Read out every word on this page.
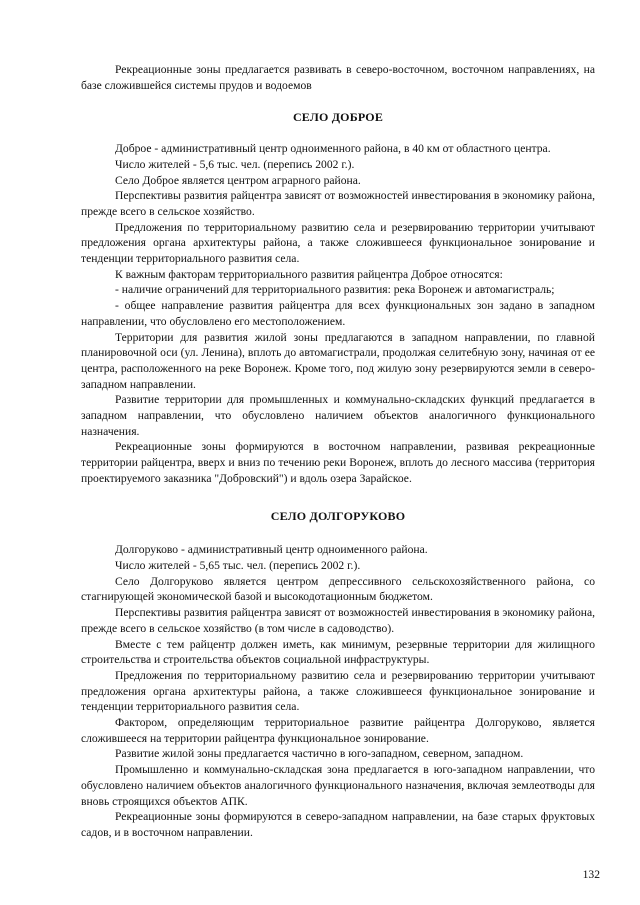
Рекреационные зоны предлагается развивать в северо-восточном, восточном направлениях, на базе сложившейся системы прудов и водоемов

СЕЛО ДОБРОЕ

Доброе - административный центр одноименного района, в 40 км от областного центра.

Число жителей - 5,6 тыс. чел. (перепись 2002 г.).

Село Доброе является центром аграрного района.

Перспективы развития райцентра зависят от возможностей инвестирования в экономику района, прежде всего в сельское хозяйство.

Предложения по территориальному развитию села и резервированию территории учитывают предложения органа архитектуры района, а также сложившееся функциональное зонирование и тенденции территориального развития села.

К важным факторам территориального развития райцентра Доброе относятся:

- наличие ограничений для территориального развития: река Воронеж и автомагистраль;

- общее направление развития райцентра для всех функциональных зон задано в западном направлении, что обусловлено его местоположением.

Территории для развития жилой зоны предлагаются в западном направлении, по главной планировочной оси (ул. Ленина), вплоть до автомагистрали, продолжая селитебную зону, начиная от ее центра, расположенного на реке Воронеж. Кроме того, под жилую зону резервируются земли в северо-западном направлении.

Развитие территории для промышленных и коммунально-складских функций предлагается в западном направлении, что обусловлено наличием объектов аналогичного функционального назначения.

Рекреационные зоны формируются в восточном направлении, развивая рекреационные территории райцентра, вверх и вниз по течению реки Воронеж, вплоть до лесного массива (территория проектируемого заказника "Добровский") и вдоль озера Зарайское.

СЕЛО ДОЛГОРУКОВО

Долгоруково - административный центр одноименного района.

Число жителей - 5,65 тыс. чел. (перепись 2002 г.).

Село Долгоруково является центром депрессивного сельскохозяйственного района, со стагнирующей экономической базой и высокодотационным бюджетом.

Перспективы развития райцентра зависят от возможностей инвестирования в экономику района, прежде всего в сельское хозяйство (в том числе в садоводство).

Вместе с тем райцентр должен иметь, как минимум, резервные территории для жилищного строительства и строительства объектов социальной инфраструктуры.

Предложения по территориальному развитию села и резервированию территории учитывают предложения органа архитектуры района, а также сложившееся функциональное зонирование и тенденции территориального развития села.

Фактором, определяющим территориальное развитие райцентра Долгоруково, является сложившееся на территории райцентра функциональное зонирование.

Развитие жилой зоны предлагается частично в юго-западном, северном, западном.

Промышленно и коммунально-складская зона предлагается в юго-западном направлении, что обусловлено наличием объектов аналогичного функционального назначения, включая землеотводы для вновь строящихся объектов АПК.

Рекреационные зоны формируются в северо-западном направлении, на базе старых фруктовых садов, и в восточном направлении.

132
